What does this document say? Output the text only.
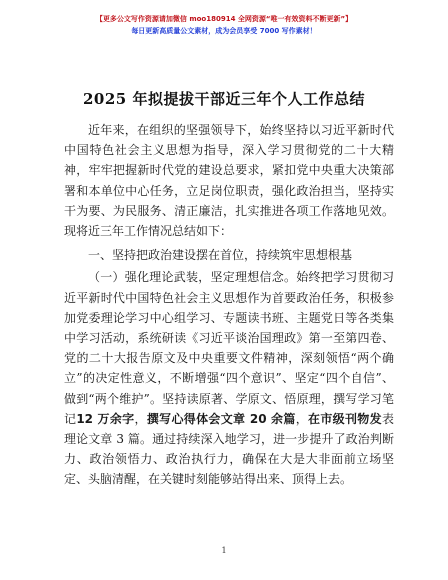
【更多公文写作资源请加微信 moo180914 全网资源“唯一有效资料不断更新”】
每日更新高质量公文素材，成为会员享受 7000 写作素材！
2025 年拟提拔干部近三年个人工作总结

近年来，在组织的坚强领导下，始终坚持以习近平新时代中国特色社会主义思想为指导，深入学习贯彻党的二十大精神，牢牢把握新时代党的建设总要求，紧扣党中央重大决策部署和本单位中心任务，立足岗位职责，强化政治担当，坚持实干为要、为民服务、清正廉洁，扎实推进各项工作落地见效。现将近三年工作情况总结如下：

一、坚持把政治建设摆在首位，持续筑牢思想根基

（一）强化理论武装，坚定理想信念。始终把学习贯彻习近平新时代中国特色社会主义思想作为首要政治任务，积极参加党委理论学习中心组学习、专题读书班、主题党日等各类集中学习活动，系统研读《习近平谈治国理政》第一至第四卷、党的二十大报告原文及中央重要文件精神，深刻领悟“两个确立”的决定性意义，不断增强“四个意识”、坚定“四个自信”、做到“两个维护”。坚持读原著、学原文、悟原理，撰写学习笔记12 万余字，撰写心得体会文章 20 余篇，在市级刊物发表理论文章 3 篇。通过持续深入地学习，进一步提升了政治判断力、政治领悟力、政治执行力，确保在大是大非面前立场坚定、头脑清醒，在关键时刻能够站得出来、顶得上去。

1
